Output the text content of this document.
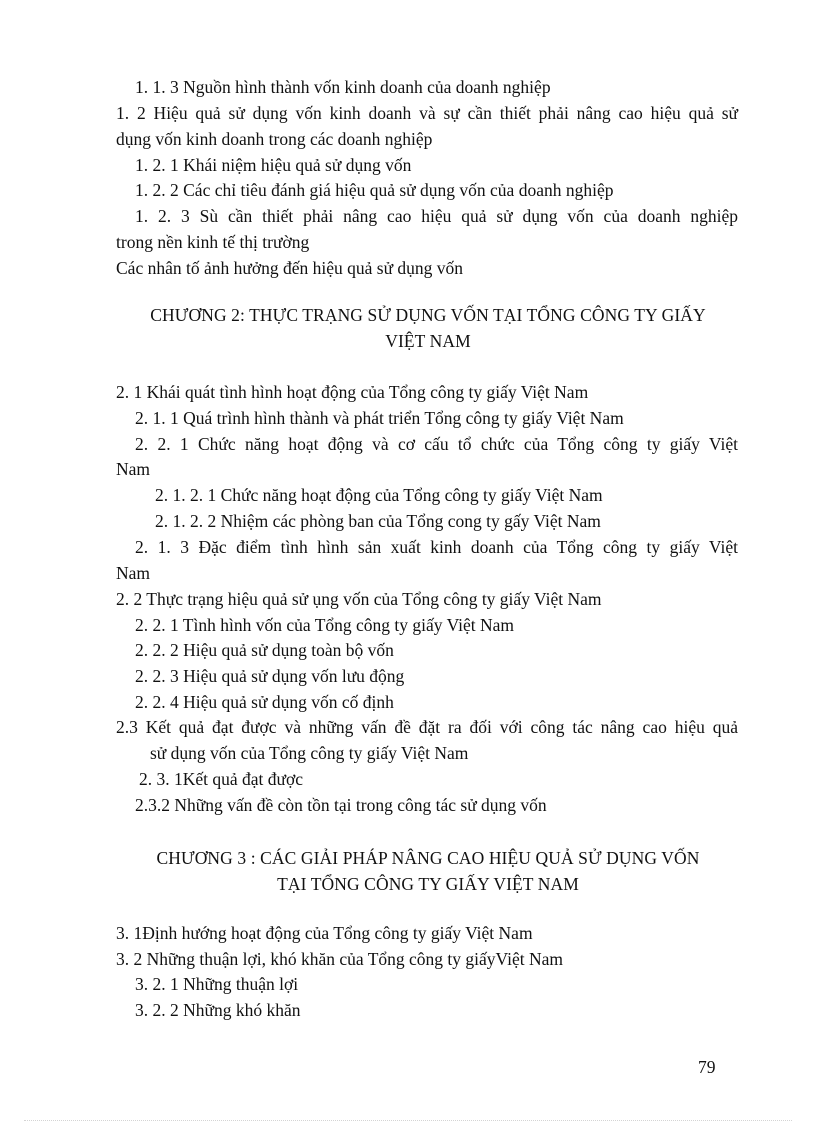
1. 1. 3 Nguồn hình thành vốn kinh doanh của doanh nghiệp
1. 2 Hiệu quả sử dụng vốn kinh doanh và sự cần thiết phải nâng cao hiệu quả sử
dụng vốn kinh doanh trong các doanh nghiệp
1. 2. 1 Khái niệm hiệu quả sử dụng vốn
1. 2. 2 Các chỉ tiêu đánh giá hiệu quả sử dụng vốn của doanh nghiệp
1. 2. 3 Sù cần thiết phải nâng cao hiệu quả sử dụng vốn của doanh nghiệp
trong nền kinh tế thị trường
Các nhân tố ảnh hưởng đến hiệu quả sử dụng vốn
CHƯƠNG 2: THỰC TRẠNG SỬ DỤNG VỐN TẠI TỔNG CÔNG TY GIẤY
VIỆT NAM
2. 1 Khái quát tình hình hoạt động của Tổng công ty giấy Việt Nam
2. 1. 1 Quá trình hình thành và phát triển Tổng công ty giấy Việt Nam
2. 2. 1 Chức năng hoạt động và cơ cấu tổ chức của Tổng công ty giấy Việt
Nam
2. 1. 2. 1 Chức năng hoạt động của Tổng công ty giấy Việt Nam
2. 1. 2. 2 Nhiệm các phòng ban của Tổng cong ty gấy Việt Nam
2. 1. 3 Đặc điểm tình hình sản xuất kinh doanh của Tổng công ty giấy Việt
Nam
2. 2 Thực trạng hiệu quả sử ụng vốn của Tổng công ty giấy Việt Nam
2. 2. 1 Tình hình vốn của Tổng công ty giấy Việt Nam
2. 2. 2 Hiệu quả sử dụng toàn bộ vốn
2. 2. 3 Hiệu quả sử dụng vốn lưu động
2. 2. 4 Hiệu quả sử dụng vốn cố định
2.3 Kết quả đạt được và những vấn đề đặt ra đối với công tác nâng cao hiệu quả
sử dụng vốn của Tổng công ty giấy Việt Nam
2. 3. 1Kết quả đạt được
2.3.2 Những vấn đề còn tồn tại trong công tác sử dụng vốn
CHƯƠNG 3 : CÁC GIẢI PHÁP NÂNG CAO HIỆU QUẢ SỬ DỤNG VỐN
TẠI TỔNG CÔNG TY GIẤY VIỆT NAM
3. 1Định hướng hoạt động của Tổng công ty giấy Việt Nam
3. 2 Những thuận lợi, khó khăn của Tổng công ty giấyViệt Nam
3. 2. 1 Những thuận lợi
3. 2. 2 Những khó khăn
79
